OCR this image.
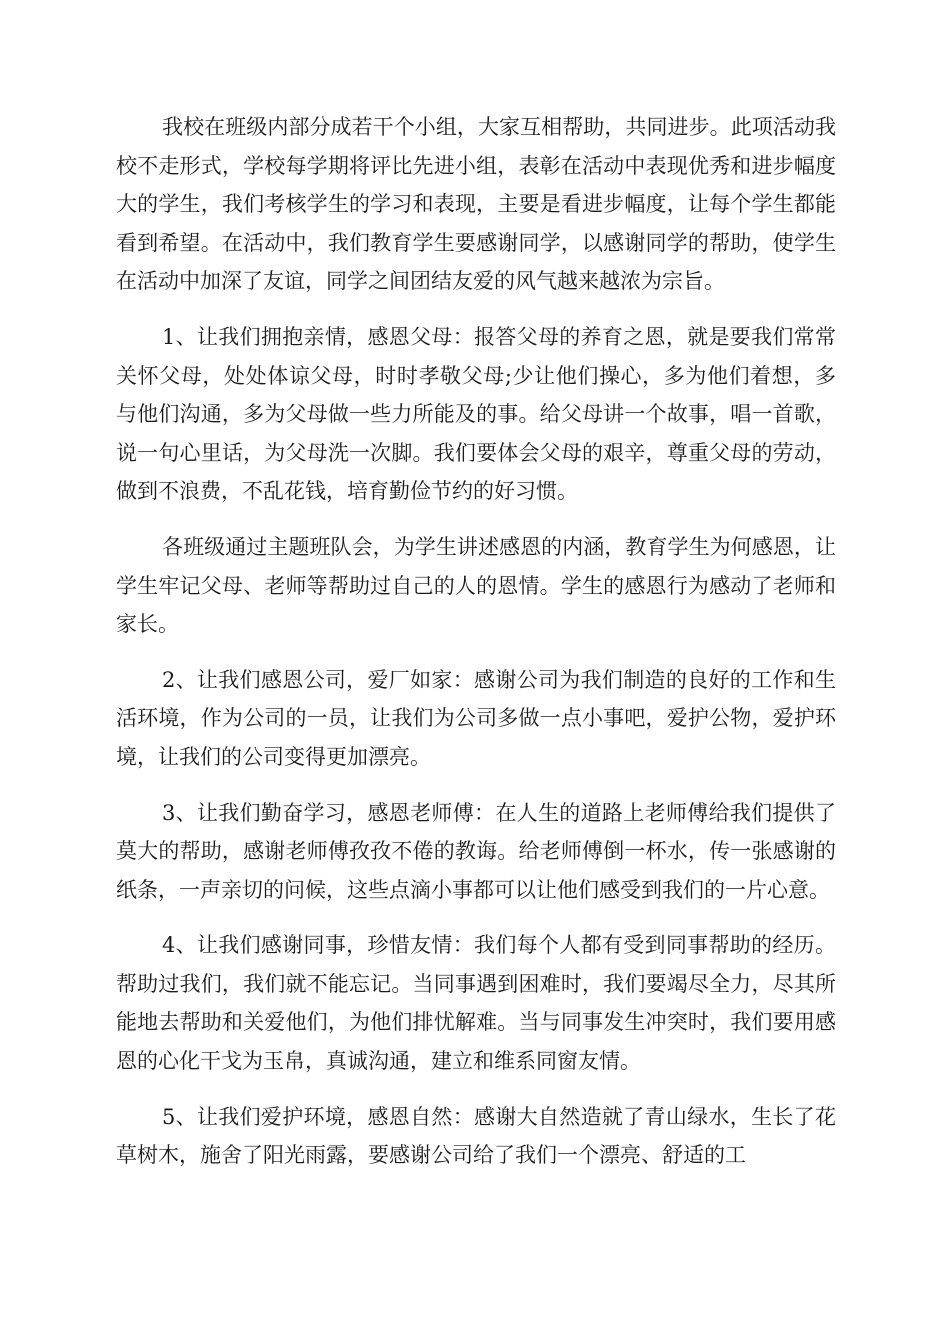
我校在班级内部分成若干个小组，大家互相帮助，共同进步。此项活动我校不走形式，学校每学期将评比先进小组，表彰在活动中表现优秀和进步幅度大的学生，我们考核学生的学习和表现，主要是看进步幅度，让每个学生都能看到希望。在活动中，我们教育学生要感谢同学，以感谢同学的帮助，使学生在活动中加深了友谊，同学之间团结友爱的风气越来越浓为宗旨。

1、让我们拥抱亲情，感恩父母：报答父母的养育之恩，就是要我们常常关怀父母，处处体谅父母，时时孝敬父母;少让他们操心，多为他们着想，多与他们沟通，多为父母做一些力所能及的事。给父母讲一个故事，唱一首歌，说一句心里话，为父母洗一次脚。我们要体会父母的艰辛，尊重父母的劳动，做到不浪费，不乱花钱，培育勤俭节约的好习惯。

各班级通过主题班队会，为学生讲述感恩的内涵，教育学生为何感恩，让学生牢记父母、老师等帮助过自己的人的恩情。学生的感恩行为感动了老师和家长。

2、让我们感恩公司，爱厂如家：感谢公司为我们制造的良好的工作和生活环境，作为公司的一员，让我们为公司多做一点小事吧，爱护公物，爱护环境，让我们的公司变得更加漂亮。

3、让我们勤奋学习，感恩老师傅：在人生的道路上老师傅给我们提供了莫大的帮助，感谢老师傅孜孜不倦的教诲。给老师傅倒一杯水，传一张感谢的纸条，一声亲切的问候，这些点滴小事都可以让他们感受到我们的一片心意。

4、让我们感谢同事，珍惜友情：我们每个人都有受到同事帮助的经历。帮助过我们，我们就不能忘记。当同事遇到困难时，我们要竭尽全力，尽其所能地去帮助和关爱他们，为他们排忧解难。当与同事发生冲突时，我们要用感恩的心化干戈为玉帛，真诚沟通，建立和维系同窗友情。

5、让我们爱护环境，感恩自然：感谢大自然造就了青山绿水，生长了花草树木，施舍了阳光雨露，要感谢公司给了我们一个漂亮、舒适的工
